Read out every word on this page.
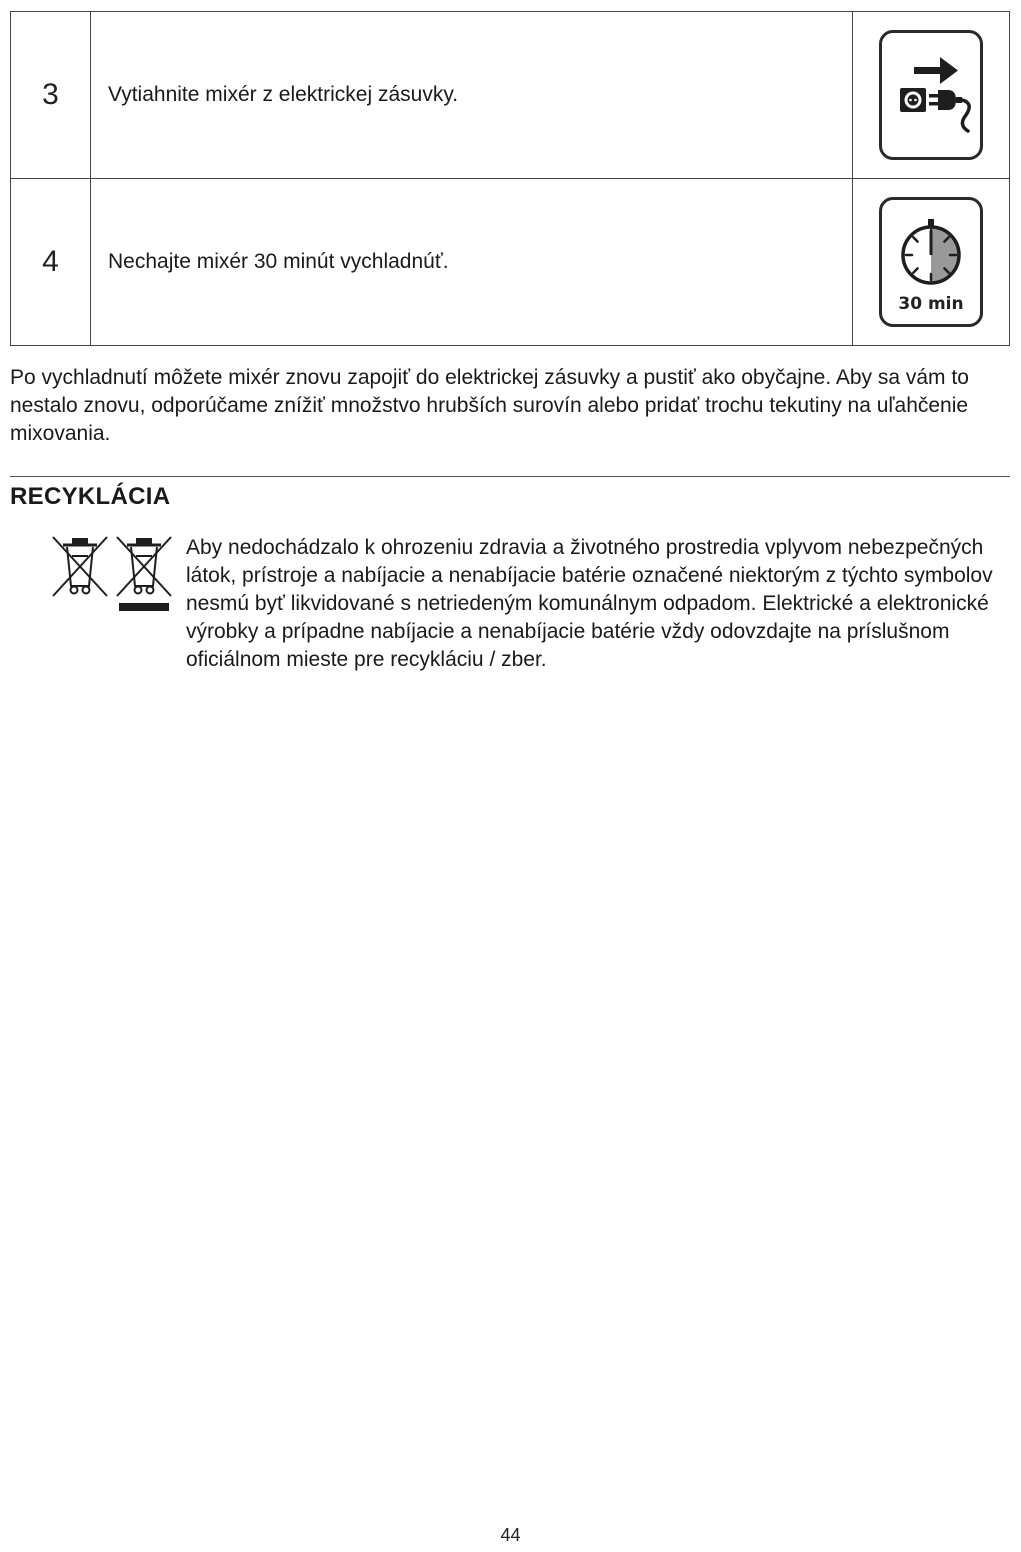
3	Vytiahnite mixér z elektrickej zásuvky.	

4	Nechajte mixér 30 minút vychladnúť.	30 min

Po vychladnutí môžete mixér znovu zapojiť do elektrickej zásuvky a pustiť ako obyčajne. Aby sa vám to nestalo znovu, odporúčame znížiť množstvo hrubších surovín alebo pridať trochu tekutiny na uľahčenie mixovania.

RECYKLÁCIA

Aby nedochádzalo k ohrozeniu zdravia a životného prostredia vplyvom nebezpečných látok, prístroje a nabíjacie a nenabíjacie batérie označené niektorým z týchto symbolov nesmú byť likvidované s netriedeným komunálnym odpadom. Elektrické a elektronické výrobky a prípadne nabíjacie a nenabíjacie batérie vždy odovzdajte na príslušnom oficiálnom mieste pre recykláciu / zber.

44
